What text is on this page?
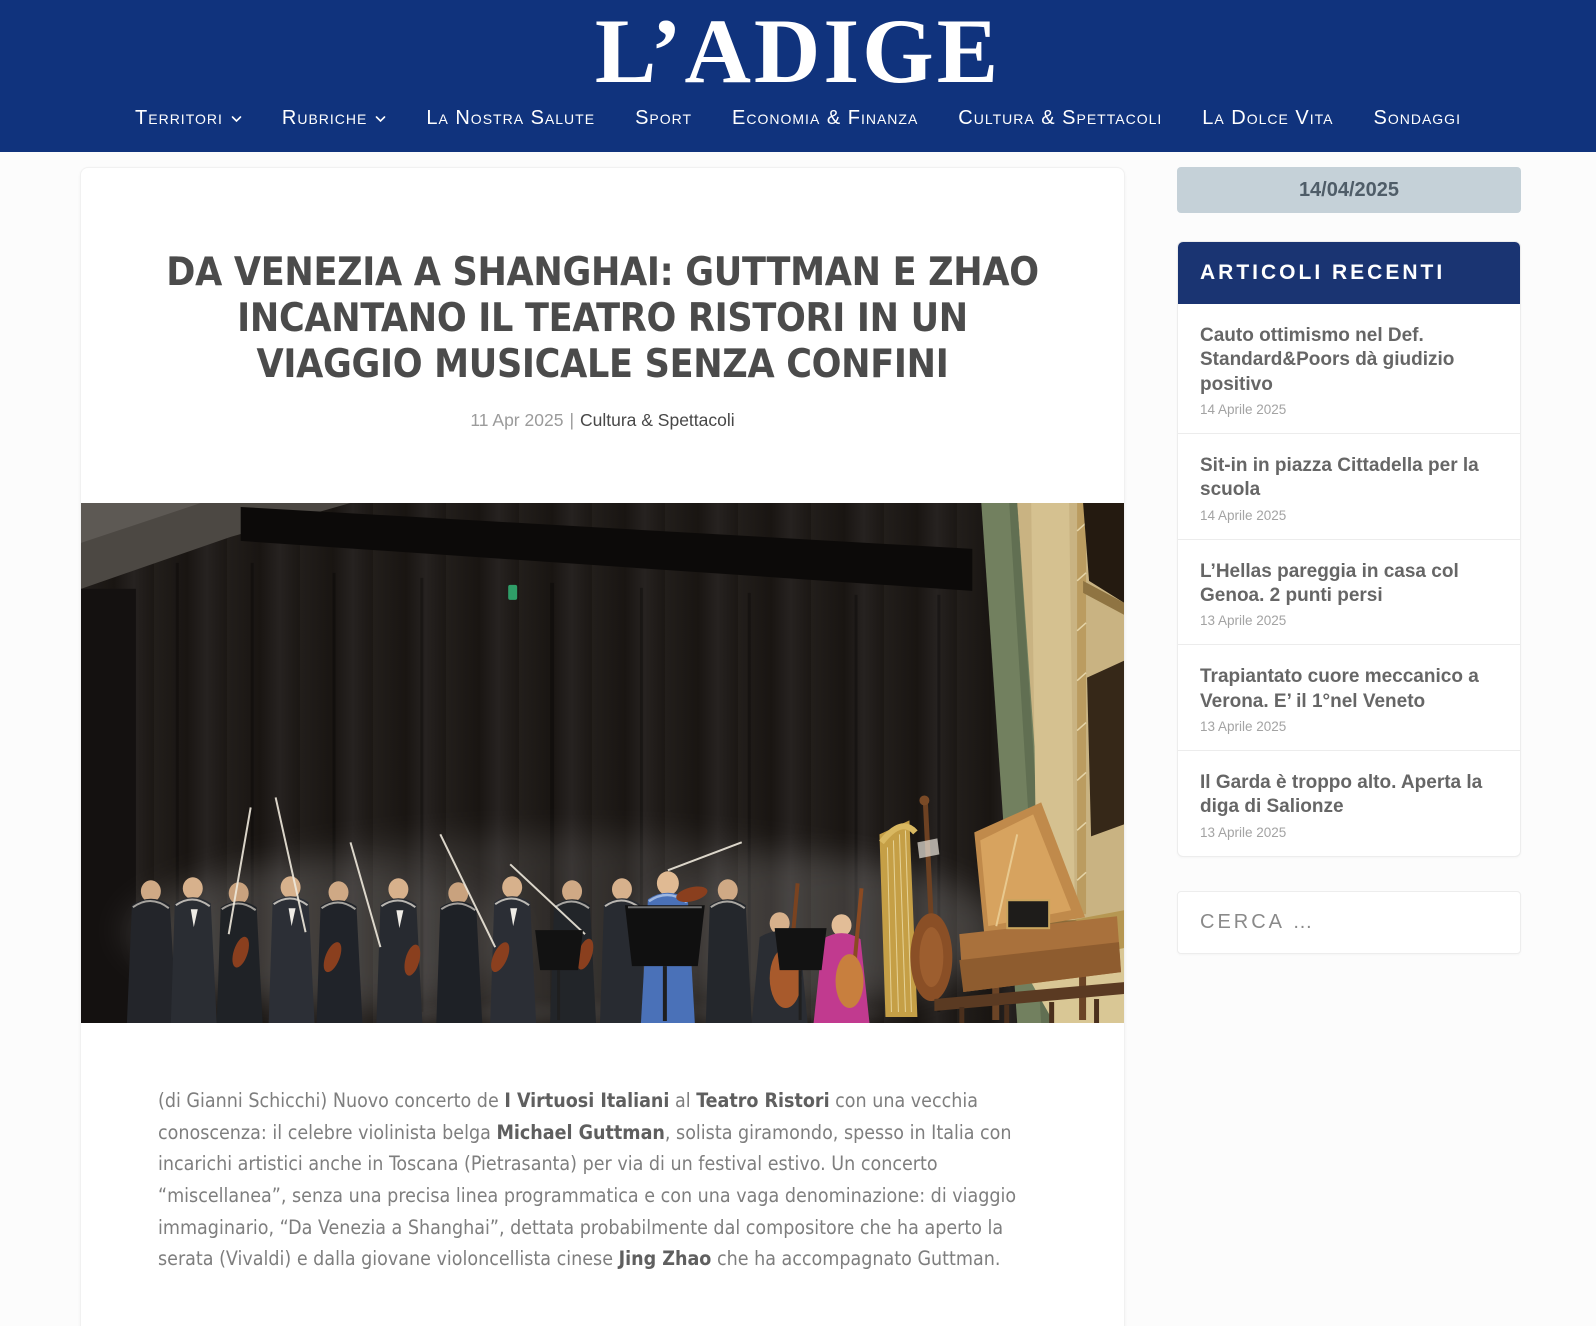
L’ADIGE
Territori	Rubriche	La Nostra Salute Sport Economia & Finanza Cultura & Spettacoli La Dolce Vita Sondaggi
DA VENEZIA A SHANGHAI: GUTTMAN E ZHAO INCANTANO IL TEATRO RISTORI IN UN VIAGGIO MUSICALE SENZA CONFINI
11 Apr 2025 | Cultura & Spettacoli

(di Gianni Schicchi) Nuovo concerto de I Virtuosi Italiani al Teatro Ristori con una vecchia conoscenza: il celebre violinista belga Michael Guttman, solista giramondo, spesso in Italia con incarichi artistici anche in Toscana (Pietrasanta) per via di un festival estivo. Un concerto “miscellanea”, senza una precisa linea programmatica e con una vaga denominazione: di viaggio immaginario, “Da Venezia a Shanghai”, dettata probabilmente dal compositore che ha aperto la serata (Vivaldi) e dalla giovane violoncellista cinese Jing Zhao che ha accompagnato Guttman.

14/04/2025
ARTICOLI RECENTI
Cauto ottimismo nel Def. Standard&Poors dà giudizio positivo
14 Aprile 2025
Sit-in in piazza Cittadella per la scuola
14 Aprile 2025
L’Hellas pareggia in casa col Genoa. 2 punti persi
13 Aprile 2025
Trapiantato cuore meccanico a Verona. E’ il 1°nel Veneto
13 Aprile 2025
Il Garda è troppo alto. Aperta la diga di Salionze
13 Aprile 2025
CERCA …
